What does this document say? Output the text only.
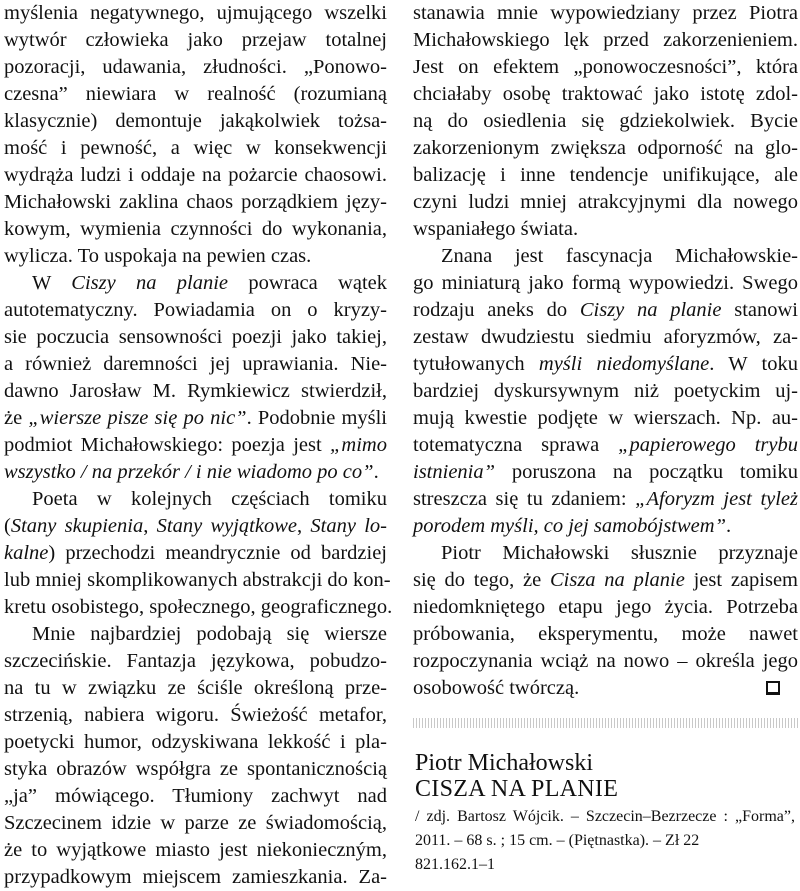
myślenia negatywnego, ujmującego wszelki
wytwór człowieka jako przejaw totalnej
pozoracji, udawania, złudności. „Ponowo-
czesna” niewiara w realność (rozumianą
klasycznie) demontuje jakąkolwiek tożsa-
mość i pewność, a więc w konsekwencji
wydrąża ludzi i oddaje na pożarcie chaosowi.
Michałowski zaklina chaos porządkiem języ-
kowym, wymienia czynności do wykonania,
wylicza. To uspokaja na pewien czas.
W Ciszy na planie powraca wątek
autotematyczny. Powiadamia on o kryzy-
sie poczucia sensowności poezji jako takiej,
a również daremności jej uprawiania. Nie-
dawno Jarosław M. Rymkiewicz stwierdził,
że „wiersze pisze się po nic”. Podobnie myśli
podmiot Michałowskiego: poezja jest „mimo
wszystko / na przekór / i nie wiadomo po co”.
Poeta w kolejnych częściach tomiku
(Stany skupienia, Stany wyjątkowe, Stany lo-
kalne) przechodzi meandrycznie od bardziej
lub mniej skomplikowanych abstrakcji do kon-
kretu osobistego, społecznego, geograficznego.
Mnie najbardziej podobają się wiersze
szczecińskie. Fantazja językowa, pobudzo-
na tu w związku ze ściśle określoną prze-
strzenią, nabiera wigoru. Świeżość metafor,
poetycki humor, odzyskiwana lekkość i pla-
styka obrazów współgra ze spontanicznością
„ja” mówiącego. Tłumiony zachwyt nad
Szczecinem idzie w parze ze świadomością,
że to wyjątkowe miasto jest niekonieczným,
przypadkowym miejscem zamieszkania. Za-
stanawia mnie wypowiedziany przez Piotra
Michałowskiego lęk przed zakorzenieniem.
Jest on efektem „ponowoczesności”, która
chciałaby osobę traktować jako istotę zdol-
ną do osiedlenia się gdziekolwiek. Bycie
zakorzenionym zwiększa odporność na glo-
balizację i inne tendencje unifikujące, ale
czyni ludzi mniej atrakcyjnymi dla nowego
wspaniałego świata.
Znana jest fascynacja Michałowskie-
go miniaturą jako formą wypowiedzi. Swego
rodzaju aneks do Ciszy na planie stanowi
zestaw dwudziestu siedmiu aforyzmów, za-
tytułowanych myśli niedomyślane. W toku
bardziej dyskursywnym niż poetyckim uj-
mują kwestie podjęte w wierszach. Np. au-
totematyczna sprawa „papierowego trybu
istnienia” poruszona na początku tomiku
streszcza się tu zdaniem: „Aforyzm jest tyleż
porodem myśli, co jej samobójstwem”.
Piotr Michałowski słusznie przyznaje
się do tego, że Cisza na planie jest zapisem
niedomkniętego etapu jego życia. Potrzeba
próbowania, eksperymentu, może nawet
rozpoczynania wciąż na nowo – określa jego
osobowość twórczą.
Piotr Michałowski
CISZA NA PLANIE
/ zdj. Bartosz Wójcik. – Szczecin–Bezrzecze : „Forma”,
2011. – 68 s. ; 15 cm. – (Piętnastka). – Zł 22
821.162.1–1
